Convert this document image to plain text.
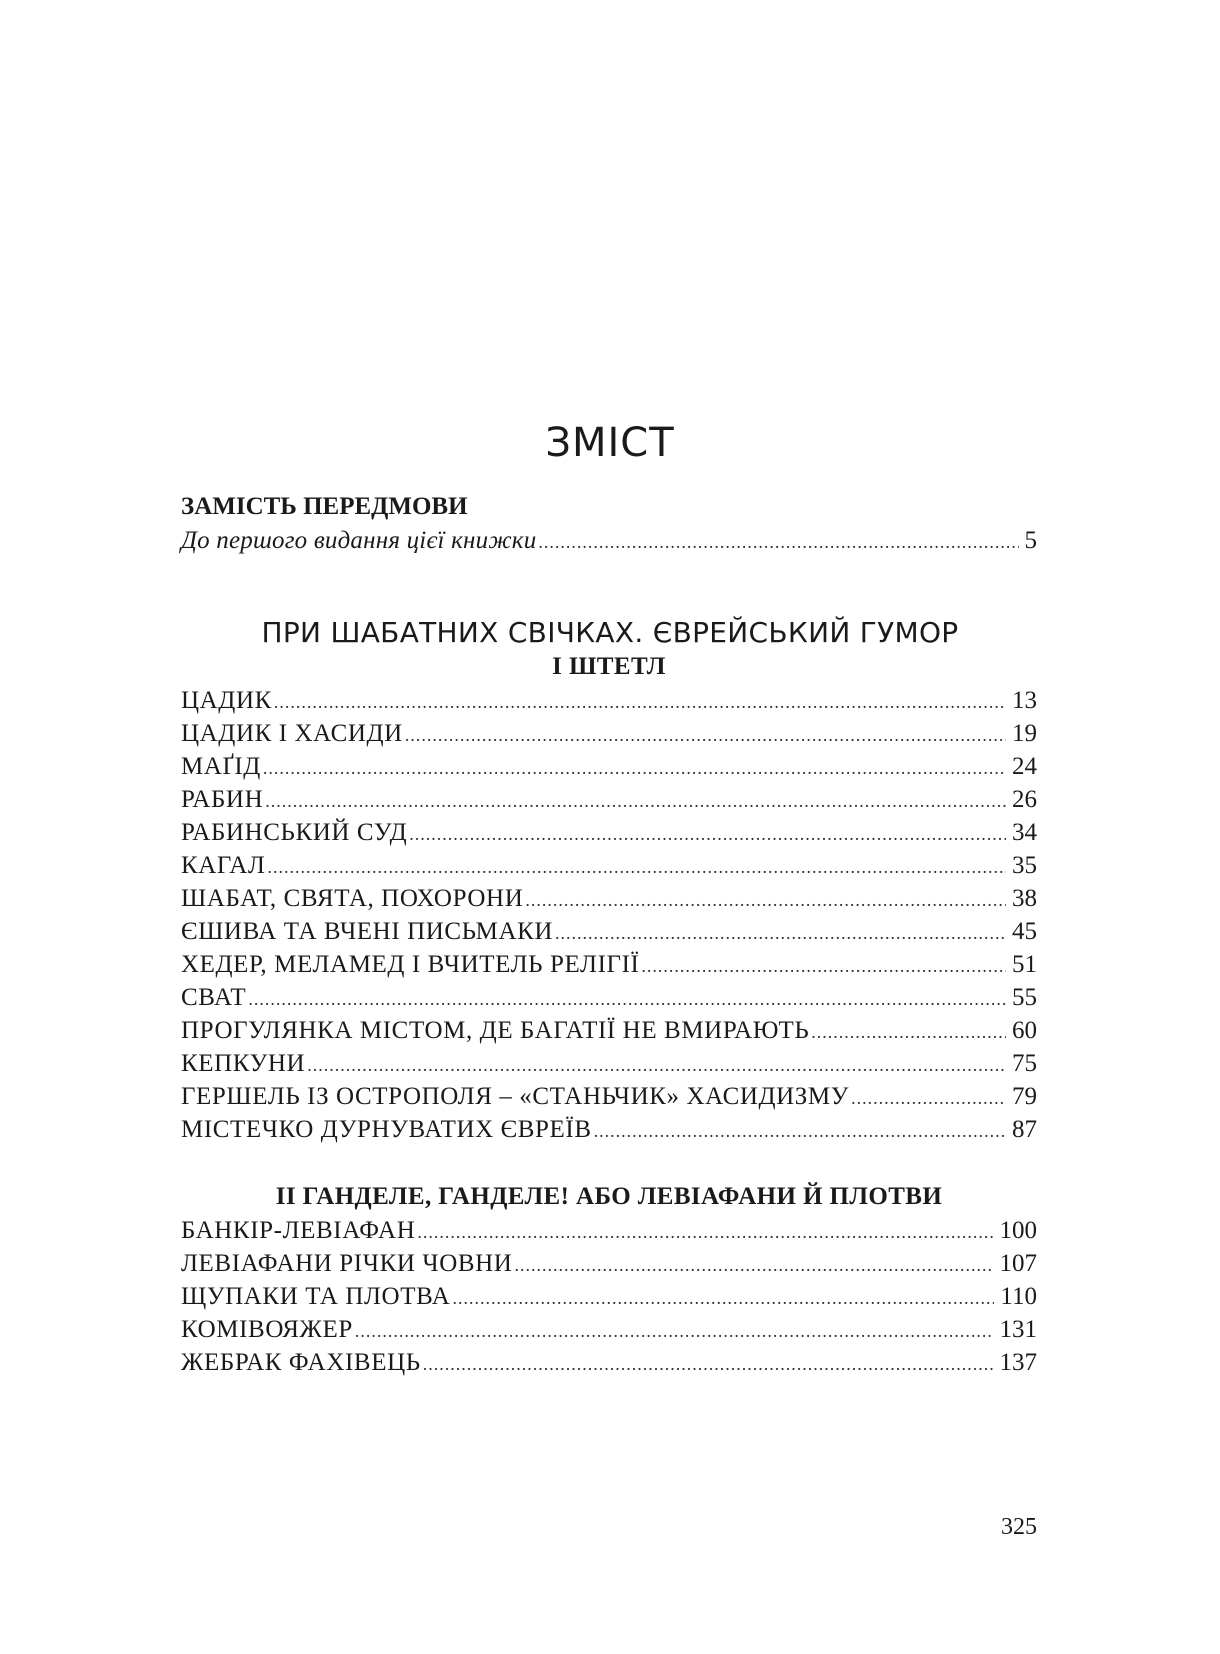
ЗМІСТ
ЗАМІСТЬ ПЕРЕДМОВИ
До першого видання цієї книжки .....	5
ПРИ ШАБАТНИХ СВІЧКАХ. ЄВРЕЙСЬКИЙ ГУМОР
І ШТЕТЛ
ЦАДИК .....	13
ЦАДИК І ХАСИДИ .....	19
МАҐІД .....	24
РАБИН .....	26
РАБИНСЬКИЙ СУД .....	34
КАГАЛ .....	35
ШАБАТ, СВЯТА, ПОХОРОНИ .....	38
ЄШИВА ТА ВЧЕНІ ПИСЬМАКИ .....	45
ХЕДЕР, МЕЛАМЕД І ВЧИТЕЛЬ РЕЛІГІЇ .....	51
СВАТ .....	55
ПРОГУЛЯНКА МІСТОМ, ДЕ БАГАТІЇ НЕ ВМИРАЮТЬ .....	60
КЕПКУНИ .....	75
ГЕРШЕЛЬ ІЗ ОСТРОПОЛЯ – «СТАНЬЧИК» ХАСИДИЗМУ .....	79
МІСТЕЧКО ДУРНУВАТИХ ЄВРЕЇВ .....	87
ІІ ГАНДЕЛЕ, ГАНДЕЛЕ! АБО ЛЕВІАФАНИ Й ПЛОТВИ
БАНКІР-ЛЕВІАФАН .....	100
ЛЕВІАФАНИ РІЧКИ ЧОВНИ .....	107
ЩУПАКИ ТА ПЛОТВА .....	110
КОМІВОЯЖЕР .....	131
ЖЕБРАК ФАХІВЕЦЬ .....	137
325
